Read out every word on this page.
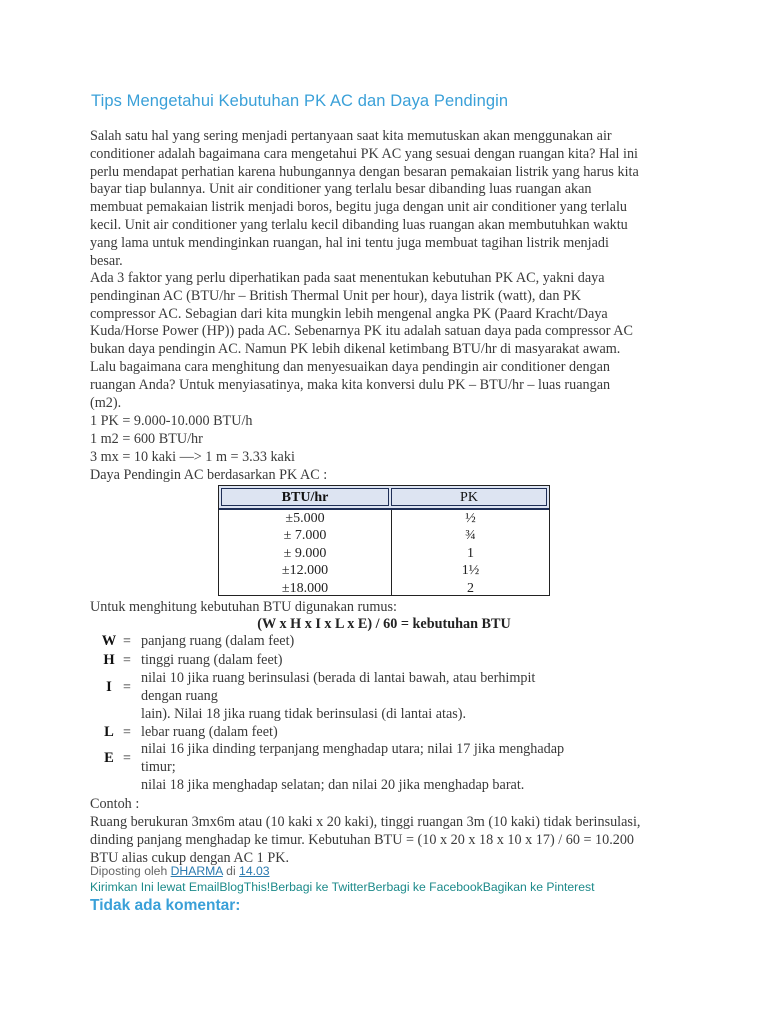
Tips Mengetahui Kebutuhan PK AC dan Daya Pendingin
Salah satu hal yang sering menjadi pertanyaan saat kita memutuskan akan menggunakan air
conditioner adalah bagaimana cara mengetahui PK AC yang sesuai dengan ruangan kita? Hal ini
perlu mendapat perhatian karena hubungannya dengan besaran pemakaian listrik yang harus kita
bayar tiap bulannya. Unit air conditioner yang terlalu besar dibanding luas ruangan akan
membuat pemakaian listrik menjadi boros, begitu juga dengan unit air conditioner yang terlalu
kecil. Unit air conditioner yang terlalu kecil dibanding luas ruangan akan membutuhkan waktu
yang lama untuk mendinginkan ruangan, hal ini tentu juga membuat tagihan listrik menjadi
besar.
Ada 3 faktor yang perlu diperhatikan pada saat menentukan kebutuhan PK AC, yakni daya
pendinginan AC (BTU/hr – British Thermal Unit per hour), daya listrik (watt), dan PK
compressor AC. Sebagian dari kita mungkin lebih mengenal angka PK (Paard Kracht/Daya
Kuda/Horse Power (HP)) pada AC. Sebenarnya PK itu adalah satuan daya pada compressor AC
bukan daya pendingin AC. Namun PK lebih dikenal ketimbang BTU/hr di masyarakat awam.
Lalu bagaimana cara menghitung dan menyesuaikan daya pendingin air conditioner dengan
ruangan Anda? Untuk menyiasatinya, maka kita konversi dulu PK – BTU/hr – luas ruangan
(m2).
1 PK = 9.000-10.000 BTU/h
1 m2 = 600 BTU/hr
3 mx = 10 kaki —> 1 m = 3.33 kaki
Daya Pendingin AC berdasarkan PK AC :
BTU/hr	PK
±5.000	½
± 7.000	¾
± 9.000	1
±12.000	1½
±18.000	2
Untuk menghitung kebutuhan BTU digunakan rumus:
(W x H x I x L x E) / 60 = kebutuhan BTU
W = panjang ruang (dalam feet)
H = tinggi ruang (dalam feet)
I =
nilai 10 jika ruang berinsulasi (berada di lantai bawah, atau berhimpit
dengan ruang
lain). Nilai 18 jika ruang tidak berinsulasi (di lantai atas).
L = lebar ruang (dalam feet)
E =
nilai 16 jika dinding terpanjang menghadap utara; nilai 17 jika menghadap
timur;
nilai 18 jika menghadap selatan; dan nilai 20 jika menghadap barat.
Contoh :
Ruang berukuran 3mx6m atau (10 kaki x 20 kaki), tinggi ruangan 3m (10 kaki) tidak berinsulasi,
dinding panjang menghadap ke timur. Kebutuhan BTU = (10 x 20 x 18 x 10 x 17) / 60 = 10.200
BTU alias cukup dengan AC 1 PK.
Diposting oleh DHARMA di 14.03
Kirimkan Ini lewat EmailBlogThis!Berbagi ke TwitterBerbagi ke FacebookBagikan ke Pinterest
Tidak ada komentar:
